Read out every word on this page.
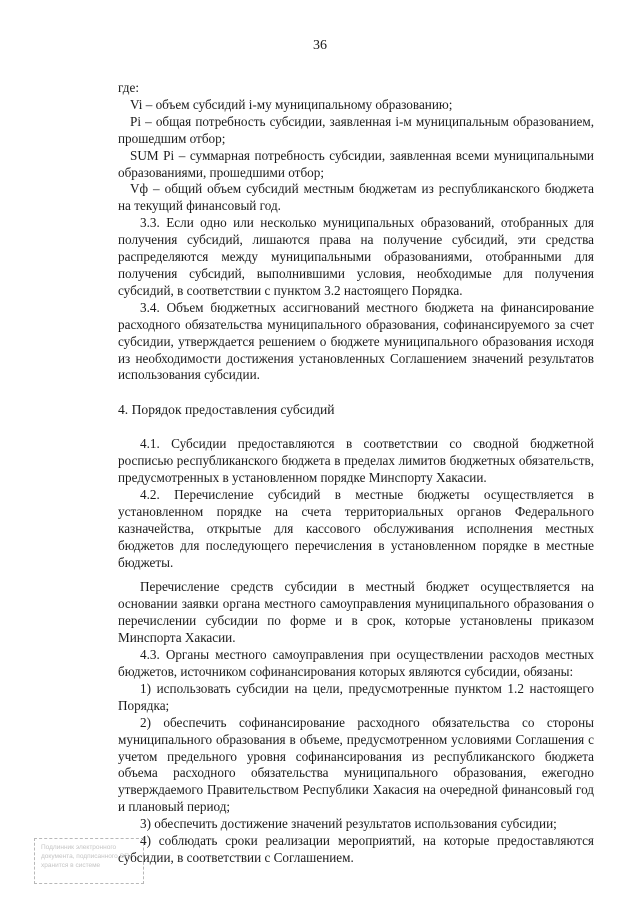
36

где:

Vi – объем субсидий i-му муниципальному образованию;

Pi – общая потребность субсидии, заявленная i-м муниципальным образованием, прошедшим отбор;

SUM Pi – суммарная потребность субсидии, заявленная всеми муниципальными образованиями, прошедшими отбор;

Vф – общий объем субсидий местным бюджетам из республиканского бюджета на текущий финансовый год.

3.3. Если одно или несколько муниципальных образований, отобранных для получения субсидий, лишаются права на получение субсидий, эти средства распределяются между муниципальными образованиями, отобранными для получения субсидий, выполнившими условия, необходимые для получения субсидий, в соответствии с пунктом 3.2 настоящего Порядка.

3.4. Объем бюджетных ассигнований местного бюджета на финансирование расходного обязательства муниципального образования, софинансируемого за счет субсидии, утверждается решением о бюджете муниципального образования исходя из необходимости достижения установленных Соглашением значений результатов использования субсидии.

4. Порядок предоставления субсидий

4.1. Субсидии предоставляются в соответствии со сводной бюджетной росписью республиканского бюджета в пределах лимитов бюджетных обязательств, предусмотренных в установленном порядке Минспорту Хакасии.

4.2. Перечисление субсидий в местные бюджеты осуществляется в установленном порядке на счета территориальных органов Федерального казначейства, открытые для кассового обслуживания исполнения местных бюджетов для последующего перечисления в установленном порядке в местные бюджеты.

Перечисление средств субсидии в местный бюджет осуществляется на основании заявки органа местного самоуправления муниципального образования о перечислении субсидии по форме и в срок, которые установлены приказом Минспорта Хакасии.

4.3. Органы местного самоуправления при осуществлении расходов местных бюджетов, источником софинансирования которых являются субсидии, обязаны:

1) использовать субсидии на цели, предусмотренные пунктом 1.2 настоящего Порядка;

2) обеспечить софинансирование расходного обязательства со стороны муниципального образования в объеме, предусмотренном условиями Соглашения с учетом предельного уровня софинансирования из республиканского бюджета объема расходного обязательства муниципального образования, ежегодно утверждаемого Правительством Республики Хакасия на очередной финансовый год и плановый период;

3) обеспечить достижение значений результатов использования субсидии;

4) соблюдать сроки реализации мероприятий, на которые предоставляются субсидии, в соответствии с Соглашением.

Подлинник электронного
документа, подписанного ЭП,
хранится в системе
